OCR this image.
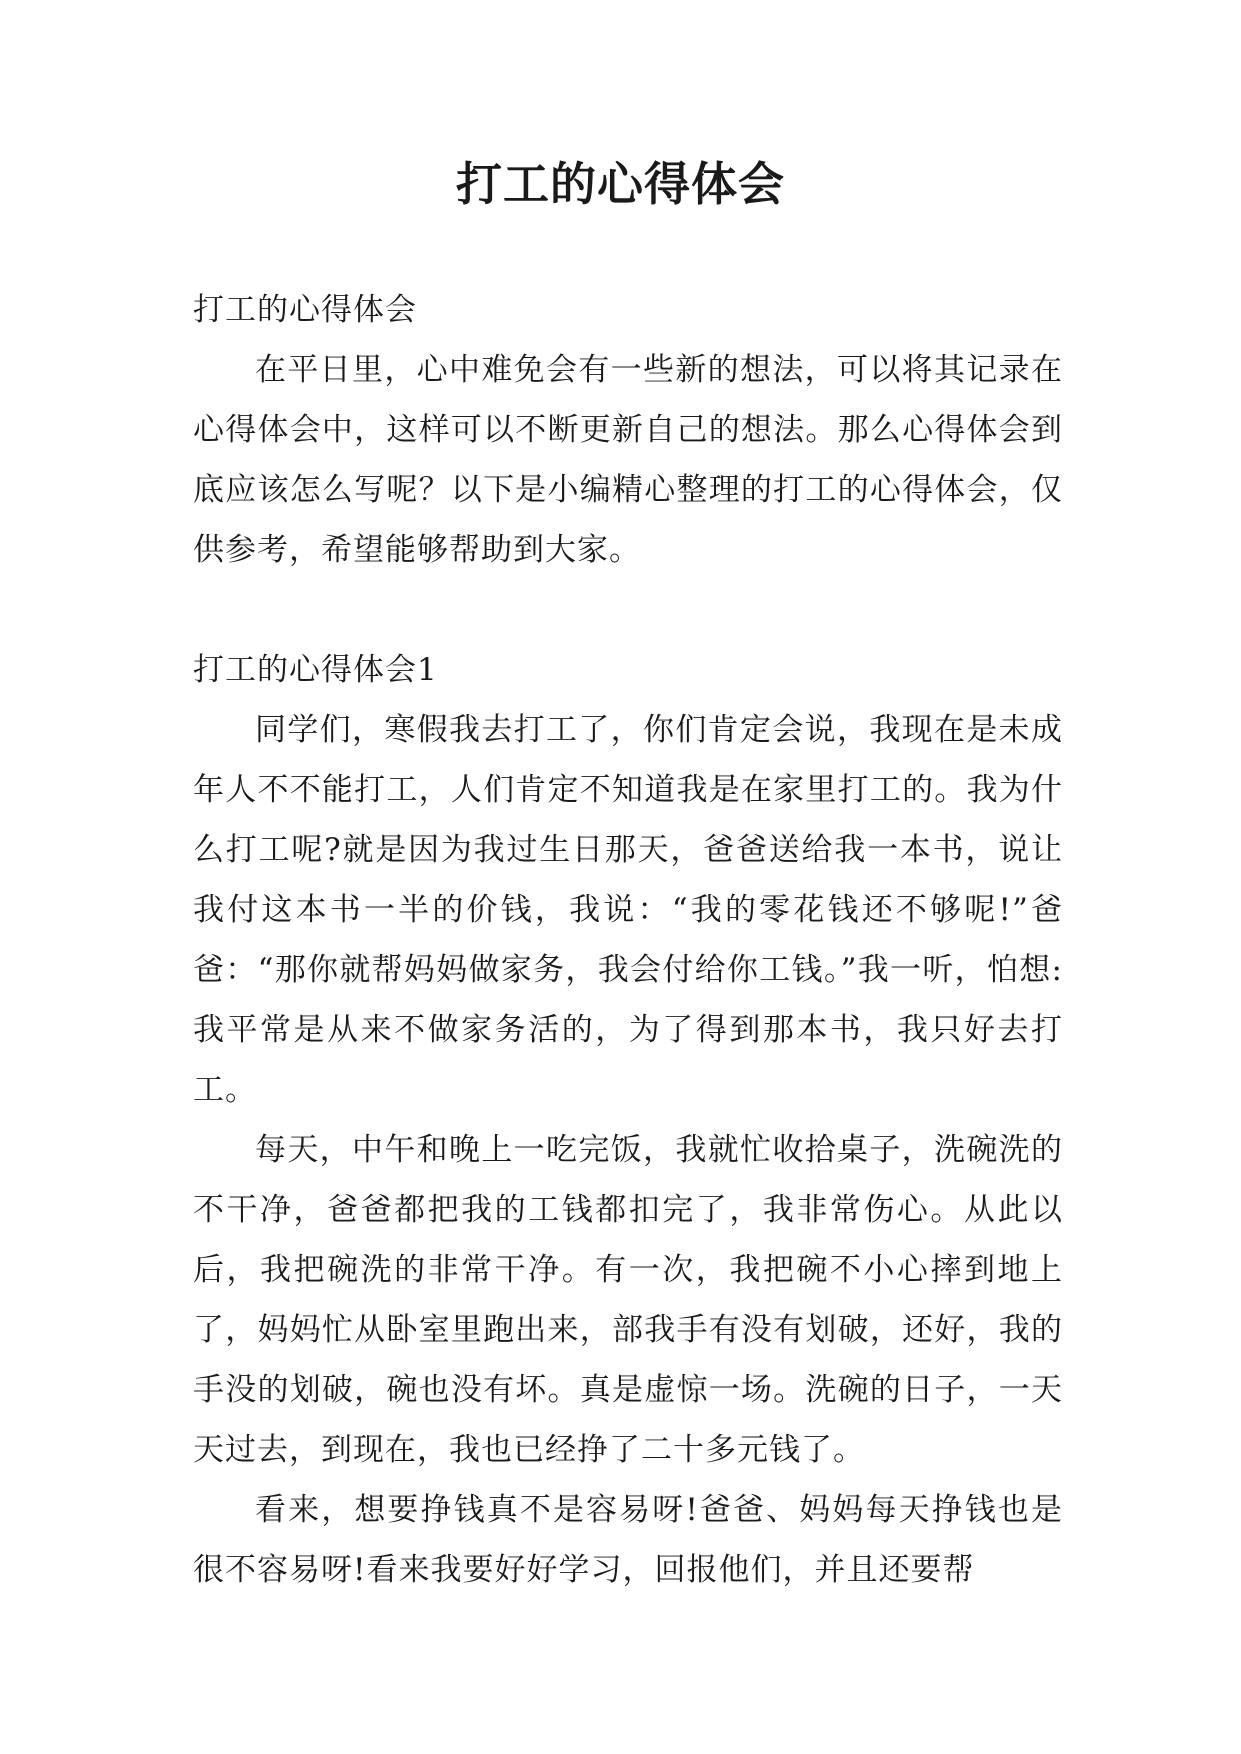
打工的心得体会

打工的心得体会

在平日里，心中难免会有一些新的想法，可以将其记录在心得体会中，这样可以不断更新自己的想法。那么心得体会到底应该怎么写呢？以下是小编精心整理的打工的心得体会，仅供参考，希望能够帮助到大家。

打工的心得体会1

同学们，寒假我去打工了，你们肯定会说，我现在是未成年人不不能打工，人们肯定不知道我是在家里打工的。我为什么打工呢?就是因为我过生日那天，爸爸送给我一本书，说让我付这本书一半的价钱，我说：“我的零花钱还不够呢!”爸爸：“那你就帮妈妈做家务，我会付给你工钱。”我一听，怕想:我平常是从来不做家务活的，为了得到那本书，我只好去打工。

每天，中午和晚上一吃完饭，我就忙收拾桌子，洗碗洗的不干净，爸爸都把我的工钱都扣完了，我非常伤心。从此以后，我把碗洗的非常干净。有一次，我把碗不小心摔到地上了，妈妈忙从卧室里跑出来，部我手有没有划破，还好，我的手没的划破，碗也没有坏。真是虚惊一场。洗碗的日子，一天天过去，到现在，我也已经挣了二十多元钱了。

看来，想要挣钱真不是容易呀!爸爸、妈妈每天挣钱也是很不容易呀!看来我要好好学习，回报他们，并且还要帮
